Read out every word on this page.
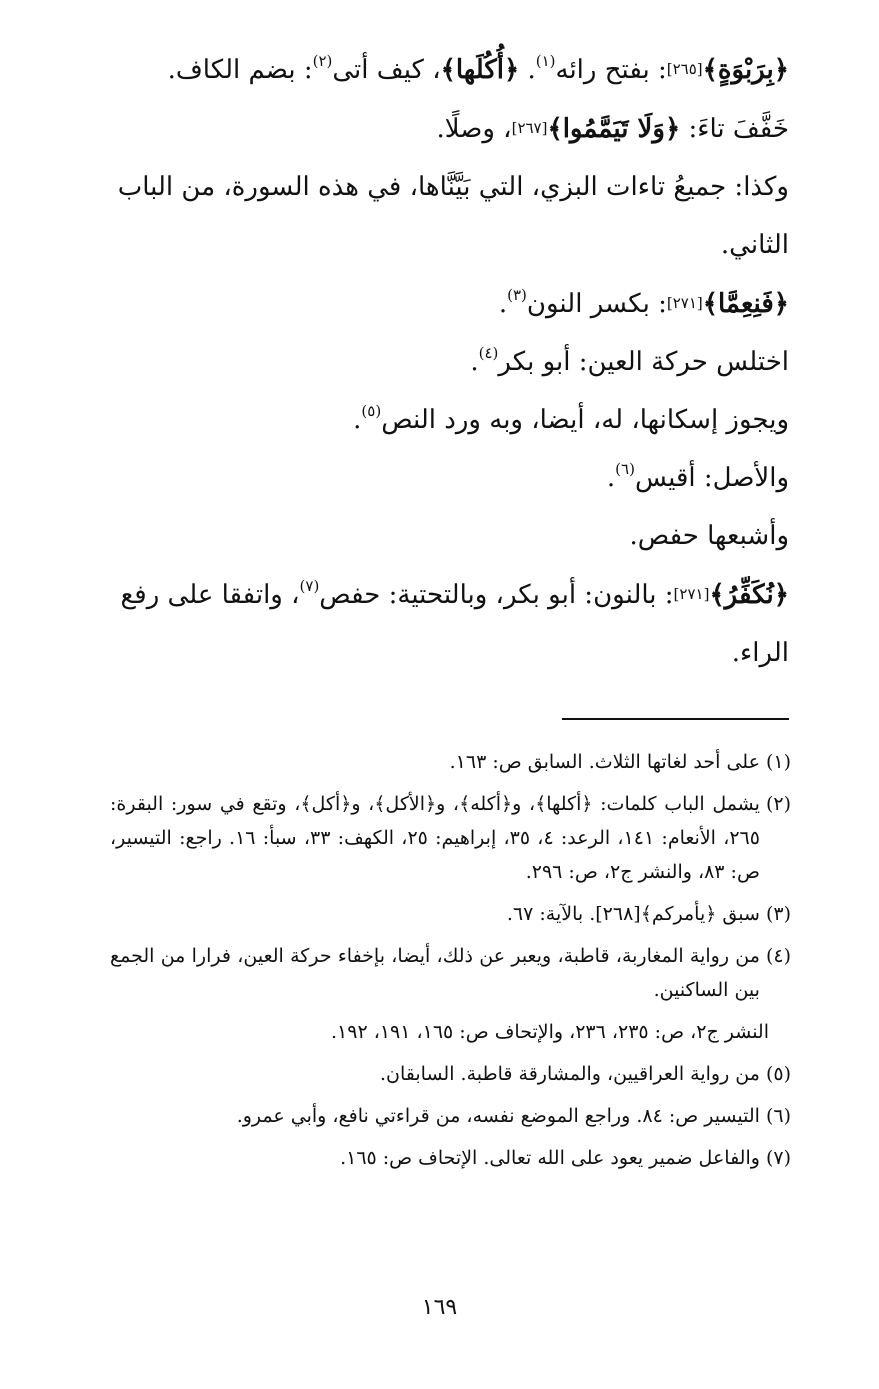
﴿بِرَبْوَةٍ﴾[٢٦٥]: بفتح رائه$^{(١)}$. ﴿أُكُلَها﴾، كيف أتى$^{(٢)}$: بضم الكاف.

خَفَّفَ تاءَ: ﴿وَلَا تَيَمَّمُوا﴾[٢٦٧]، وصلًا.

وكذا: جميعُ تاءات البزي، التي بَيَّنَّاها، في هذه السورة، من الباب الثاني.

﴿فَنِعِمَّا﴾[٢٧١]: بكسر النون$^{(٣)}$.

اختلس حركة العين: أبو بكر$^{(٤)}$.

ويجوز إسكانها، له، أيضا، وبه ورد النص$^{(٥)}$.

والأصل: أقيس$^{(٦)}$.

وأشبعها حفص.

﴿نُكَفِّرُ﴾[٢٧١]: بالنون: أبو بكر، وبالتحتية: حفص$^{(٧)}$، واتفقا على رفع الراء.

(١)
على أحد لغاتها الثلاث. السابق ص: ١٦٣.
(٢)
يشمل الباب كلمات: ﴿أكلها﴾، و﴿أكله﴾، و﴿الأكل﴾، و﴿أكل﴾، وتقع في سور: البقرة: ٢٦٥، الأنعام: ١٤١، الرعد: ٤، ٣٥، إبراهيم: ٢٥، الكهف: ٣٣، سبأ: ١٦. راجع: التيسير، ص: ٨٣، والنشر ج٢، ص: ٢٩٦.
(٣)
سبق ﴿يأمركم﴾[٢٦٨]. بالآية: ٦٧.
(٤)
من رواية المغاربة، قاطبة، ويعبر عن ذلك، أيضا، بإخفاء حركة العين، فرارا من الجمع بين الساكنين.
النشر ج٢، ص: ٢٣٥، ٢٣٦، والإتحاف ص: ١٦٥، ١٩١، ١٩٢.
(٥)
من رواية العراقيين، والمشارقة قاطبة. السابقان.
(٦)
التيسير ص: ٨٤. وراجع الموضع نفسه، من قراءتي نافع، وأبي عمرو.
(٧)
والفاعل ضمير يعود على الله تعالى. الإتحاف ص: ١٦٥.
١٦٩
